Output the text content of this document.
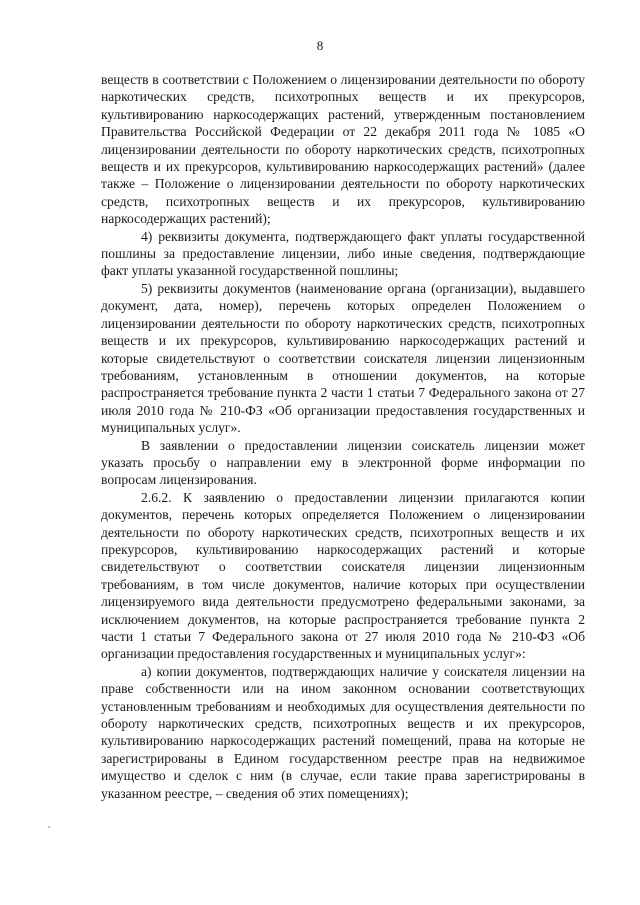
8

веществ в соответствии с Положением о лицензировании деятельности по обороту наркотических средств, психотропных веществ и их прекурсоров, культивированию наркосодержащих растений, утвержденным постановлением Правительства Российской Федерации от 22 декабря 2011 года № 1085 «О лицензировании деятельности по обороту наркотических средств, психотропных веществ и их прекурсоров, культивированию наркосодержащих растений» (далее также – Положение о лицензировании деятельности по обороту наркотических средств, психотропных веществ и их прекурсоров, культивированию наркосодержащих растений);

4) реквизиты документа, подтверждающего факт уплаты государственной пошлины за предоставление лицензии, либо иные сведения, подтверждающие факт уплаты указанной государственной пошлины;

5) реквизиты документов (наименование органа (организации), выдавшего документ, дата, номер), перечень которых определен Положением о лицензировании деятельности по обороту наркотических средств, психотропных веществ и их прекурсоров, культивированию наркосодержащих растений и которые свидетельствуют о соответствии соискателя лицензии лицензионным требованиям, установленным в отношении документов, на которые распространяется требование пункта 2 части 1 статьи 7 Федерального закона от 27 июля 2010 года № 210-ФЗ «Об организации предоставления государственных и муниципальных услуг».

В заявлении о предоставлении лицензии соискатель лицензии может указать просьбу о направлении ему в электронной форме информации по вопросам лицензирования.

2.6.2. К заявлению о предоставлении лицензии прилагаются копии документов, перечень которых определяется Положением о лицензировании деятельности по обороту наркотических средств, психотропных веществ и их прекурсоров, культивированию наркосодержащих растений и которые свидетельствуют о соответствии соискателя лицензии лицензионным требованиям, в том числе документов, наличие которых при осуществлении лицензируемого вида деятельности предусмотрено федеральными законами, за исключением документов, на которые распространяется требование пункта 2 части 1 статьи 7 Федерального закона от 27 июля 2010 года № 210-ФЗ «Об организации предоставления государственных и муниципальных услуг»:

а) копии документов, подтверждающих наличие у соискателя лицензии на праве собственности или на ином законном основании соответствующих установленным требованиям и необходимых для осуществления деятельности по обороту наркотических средств, психотропных веществ и их прекурсоров, культивированию наркосодержащих растений помещений, права на которые не зарегистрированы в Едином государственном реестре прав на недвижимое имущество и сделок с ним (в случае, если такие права зарегистрированы в указанном реестре, – сведения об этих помещениях);
